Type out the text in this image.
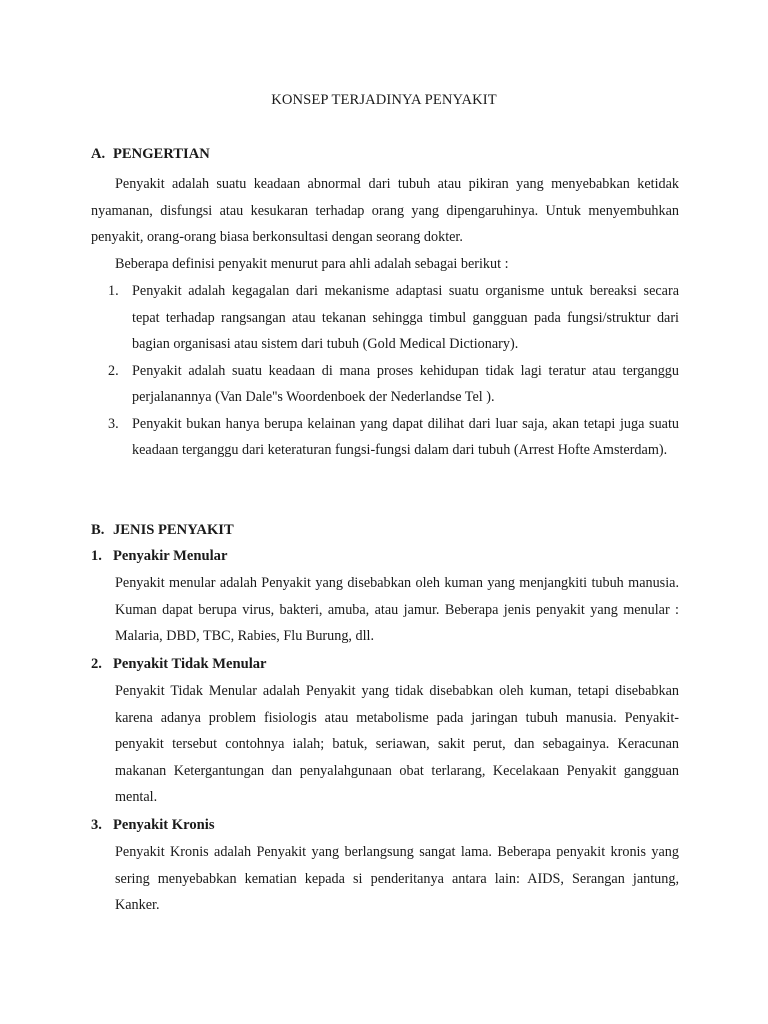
KONSEP TERJADINYA PENYAKIT
A. PENGERTIAN

Penyakit adalah suatu keadaan abnormal dari tubuh atau pikiran yang menyebabkan ketidak nyamanan, disfungsi atau kesukaran terhadap orang yang dipengaruhinya. Untuk menyembuhkan penyakit, orang-orang biasa berkonsultasi dengan seorang dokter.

Beberapa definisi penyakit menurut para ahli adalah sebagai berikut :

1. Penyakit adalah kegagalan dari mekanisme adaptasi suatu organisme untuk bereaksi secara tepat terhadap rangsangan atau tekanan sehingga timbul gangguan pada fungsi/struktur dari bagian organisasi atau sistem dari tubuh (Gold Medical Dictionary).
2. Penyakit adalah suatu keadaan di mana proses kehidupan tidak lagi teratur atau terganggu perjalanannya (Van Dale''s Woordenboek der Nederlandse Tel ).
3. Penyakit bukan hanya berupa kelainan yang dapat dilihat dari luar saja, akan tetapi juga suatu keadaan terganggu dari keteraturan fungsi-fungsi dalam dari tubuh (Arrest Hofte Amsterdam).
B. JENIS PENYAKIT
1. Penyakir Menular

Penyakit menular adalah Penyakit yang disebabkan oleh kuman yang menjangkiti tubuh manusia. Kuman dapat berupa virus, bakteri, amuba, atau jamur. Beberapa jenis penyakit yang menular : Malaria, DBD, TBC, Rabies, Flu Burung, dll.

2. Penyakit Tidak Menular

Penyakit Tidak Menular adalah Penyakit yang tidak disebabkan oleh kuman, tetapi disebabkan karena adanya problem fisiologis atau metabolisme pada jaringan tubuh manusia. Penyakit-penyakit tersebut contohnya ialah; batuk, seriawan, sakit perut, dan sebagainya. Keracunan makanan Ketergantungan dan penyalahgunaan obat terlarang, Kecelakaan Penyakit gangguan mental.

3. Penyakit Kronis

Penyakit Kronis adalah Penyakit yang berlangsung sangat lama. Beberapa penyakit kronis yang sering menyebabkan kematian kepada si penderitanya antara lain: AIDS, Serangan jantung, Kanker.
